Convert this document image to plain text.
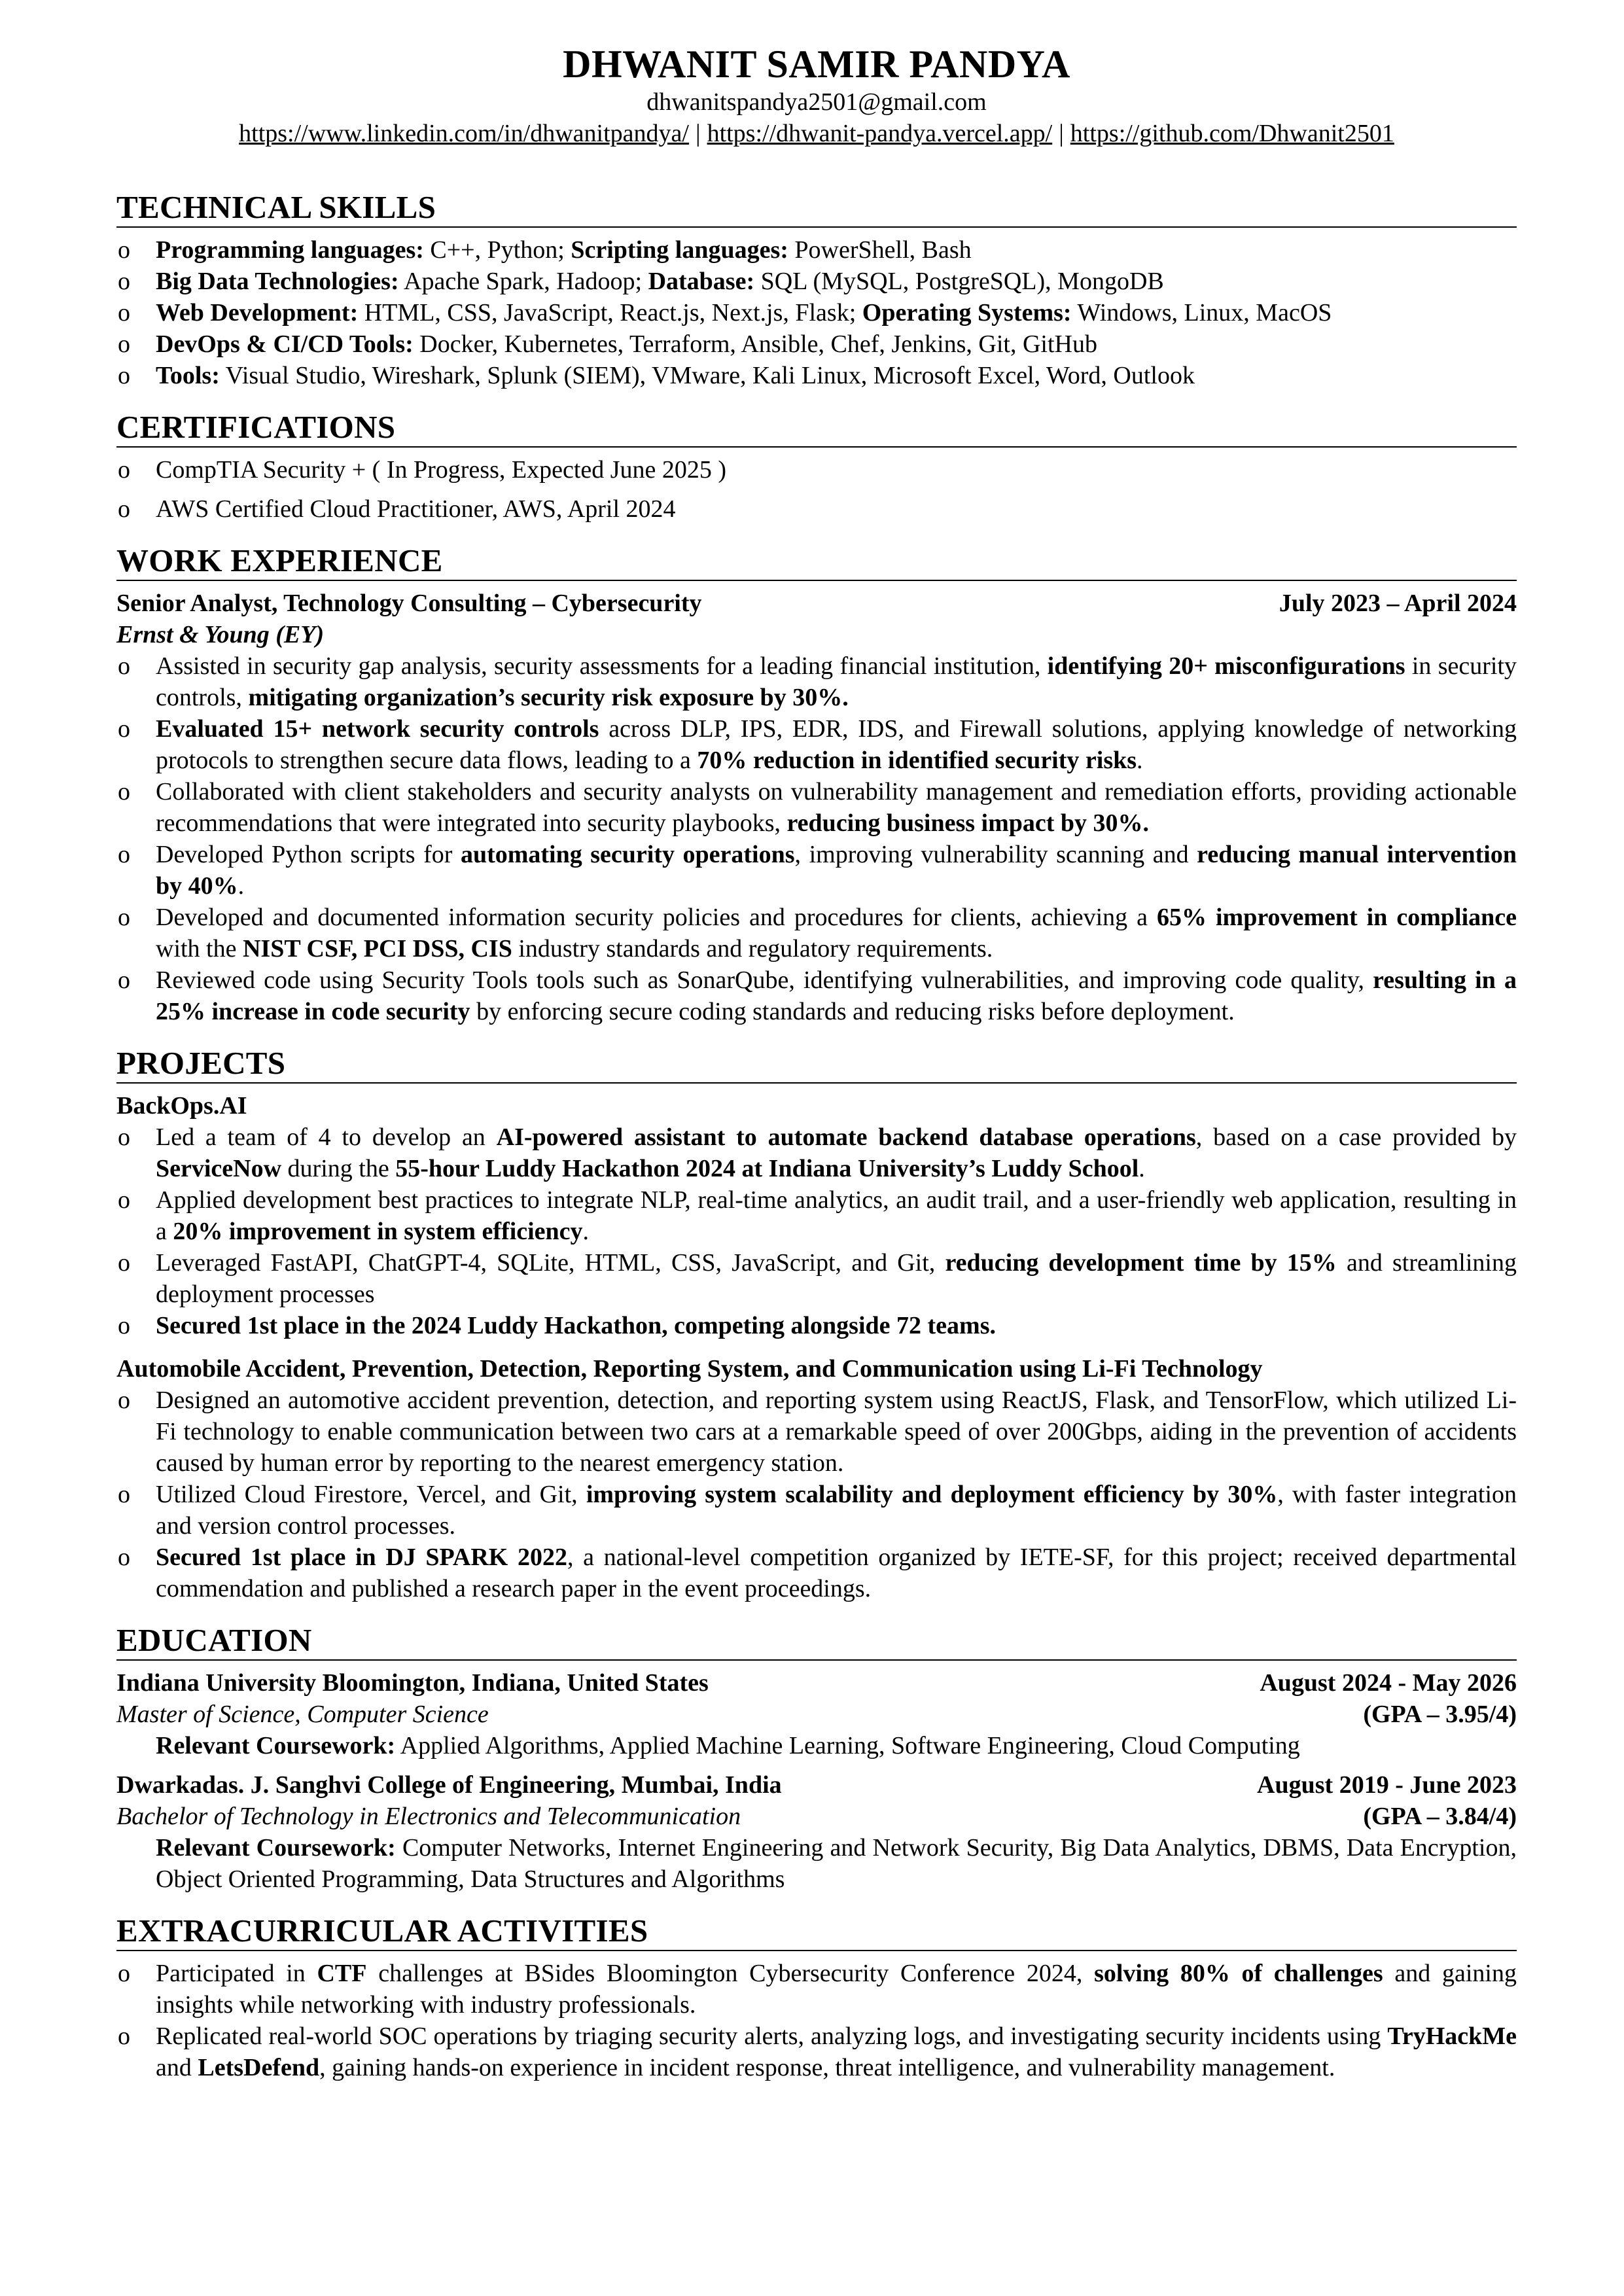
DHWANIT SAMIR PANDYA
dhwanitspandya2501@gmail.com
https://www.linkedin.com/in/dhwanitpandya/ | https://dhwanit-pandya.vercel.app/ | https://github.com/Dhwanit2501
TECHNICAL SKILLS
o Programming languages: C++, Python; Scripting languages: PowerShell, Bash
o Big Data Technologies: Apache Spark, Hadoop; Database: SQL (MySQL, PostgreSQL), MongoDB
o Web Development: HTML, CSS, JavaScript, React.js, Next.js, Flask; Operating Systems: Windows, Linux, MacOS
o DevOps & CI/CD Tools: Docker, Kubernetes, Terraform, Ansible, Chef, Jenkins, Git, GitHub
o Tools: Visual Studio, Wireshark, Splunk (SIEM), VMware, Kali Linux, Microsoft Excel, Word, Outlook
CERTIFICATIONS
o CompTIA Security + ( In Progress, Expected June 2025 )
o AWS Certified Cloud Practitioner, AWS, April 2024
WORK EXPERIENCE
Senior Analyst, Technology Consulting – Cybersecurity	July 2023 – April 2024
Ernst & Young (EY)
o Assisted in security gap analysis, security assessments for a leading financial institution, identifying 20+ misconfigurations in security controls, mitigating organization’s security risk exposure by 30%.
o Evaluated 15+ network security controls across DLP, IPS, EDR, IDS, and Firewall solutions, applying knowledge of networking protocols to strengthen secure data flows, leading to a 70% reduction in identified security risks.
o Collaborated with client stakeholders and security analysts on vulnerability management and remediation efforts, providing actionable recommendations that were integrated into security playbooks, reducing business impact by 30%.
o Developed Python scripts for automating security operations, improving vulnerability scanning and reducing manual intervention by 40%.
o Developed and documented information security policies and procedures for clients, achieving a 65% improvement in compliance with the NIST CSF, PCI DSS, CIS industry standards and regulatory requirements.
o Reviewed code using Security Tools tools such as SonarQube, identifying vulnerabilities, and improving code quality, resulting in a 25% increase in code security by enforcing secure coding standards and reducing risks before deployment.
PROJECTS
BackOps.AI
o Led a team of 4 to develop an AI-powered assistant to automate backend database operations, based on a case provided by ServiceNow during the 55-hour Luddy Hackathon 2024 at Indiana University’s Luddy School.
o Applied development best practices to integrate NLP, real-time analytics, an audit trail, and a user-friendly web application, resulting in a 20% improvement in system efficiency.
o Leveraged FastAPI, ChatGPT-4, SQLite, HTML, CSS, JavaScript, and Git, reducing development time by 15% and streamlining deployment processes
o Secured 1st place in the 2024 Luddy Hackathon, competing alongside 72 teams.
Automobile Accident, Prevention, Detection, Reporting System, and Communication using Li-Fi Technology
o Designed an automotive accident prevention, detection, and reporting system using ReactJS, Flask, and TensorFlow, which utilized Li-Fi technology to enable communication between two cars at a remarkable speed of over 200Gbps, aiding in the prevention of accidents caused by human error by reporting to the nearest emergency station.
o Utilized Cloud Firestore, Vercel, and Git, improving system scalability and deployment efficiency by 30%, with faster integration and version control processes.
o Secured 1st place in DJ SPARK 2022, a national-level competition organized by IETE-SF, for this project; received departmental commendation and published a research paper in the event proceedings.
EDUCATION
Indiana University Bloomington, Indiana, United States	August 2024 - May 2026
Master of Science, Computer Science	(GPA – 3.95/4)
Relevant Coursework: Applied Algorithms, Applied Machine Learning, Software Engineering, Cloud Computing
Dwarkadas. J. Sanghvi College of Engineering, Mumbai, India	August 2019 - June 2023
Bachelor of Technology in Electronics and Telecommunication	(GPA – 3.84/4)
Relevant Coursework: Computer Networks, Internet Engineering and Network Security, Big Data Analytics, DBMS, Data Encryption, Object Oriented Programming, Data Structures and Algorithms
EXTRACURRICULAR ACTIVITIES
o Participated in CTF challenges at BSides Bloomington Cybersecurity Conference 2024, solving 80% of challenges and gaining insights while networking with industry professionals.
o Replicated real-world SOC operations by triaging security alerts, analyzing logs, and investigating security incidents using TryHackMe and LetsDefend, gaining hands-on experience in incident response, threat intelligence, and vulnerability management.
